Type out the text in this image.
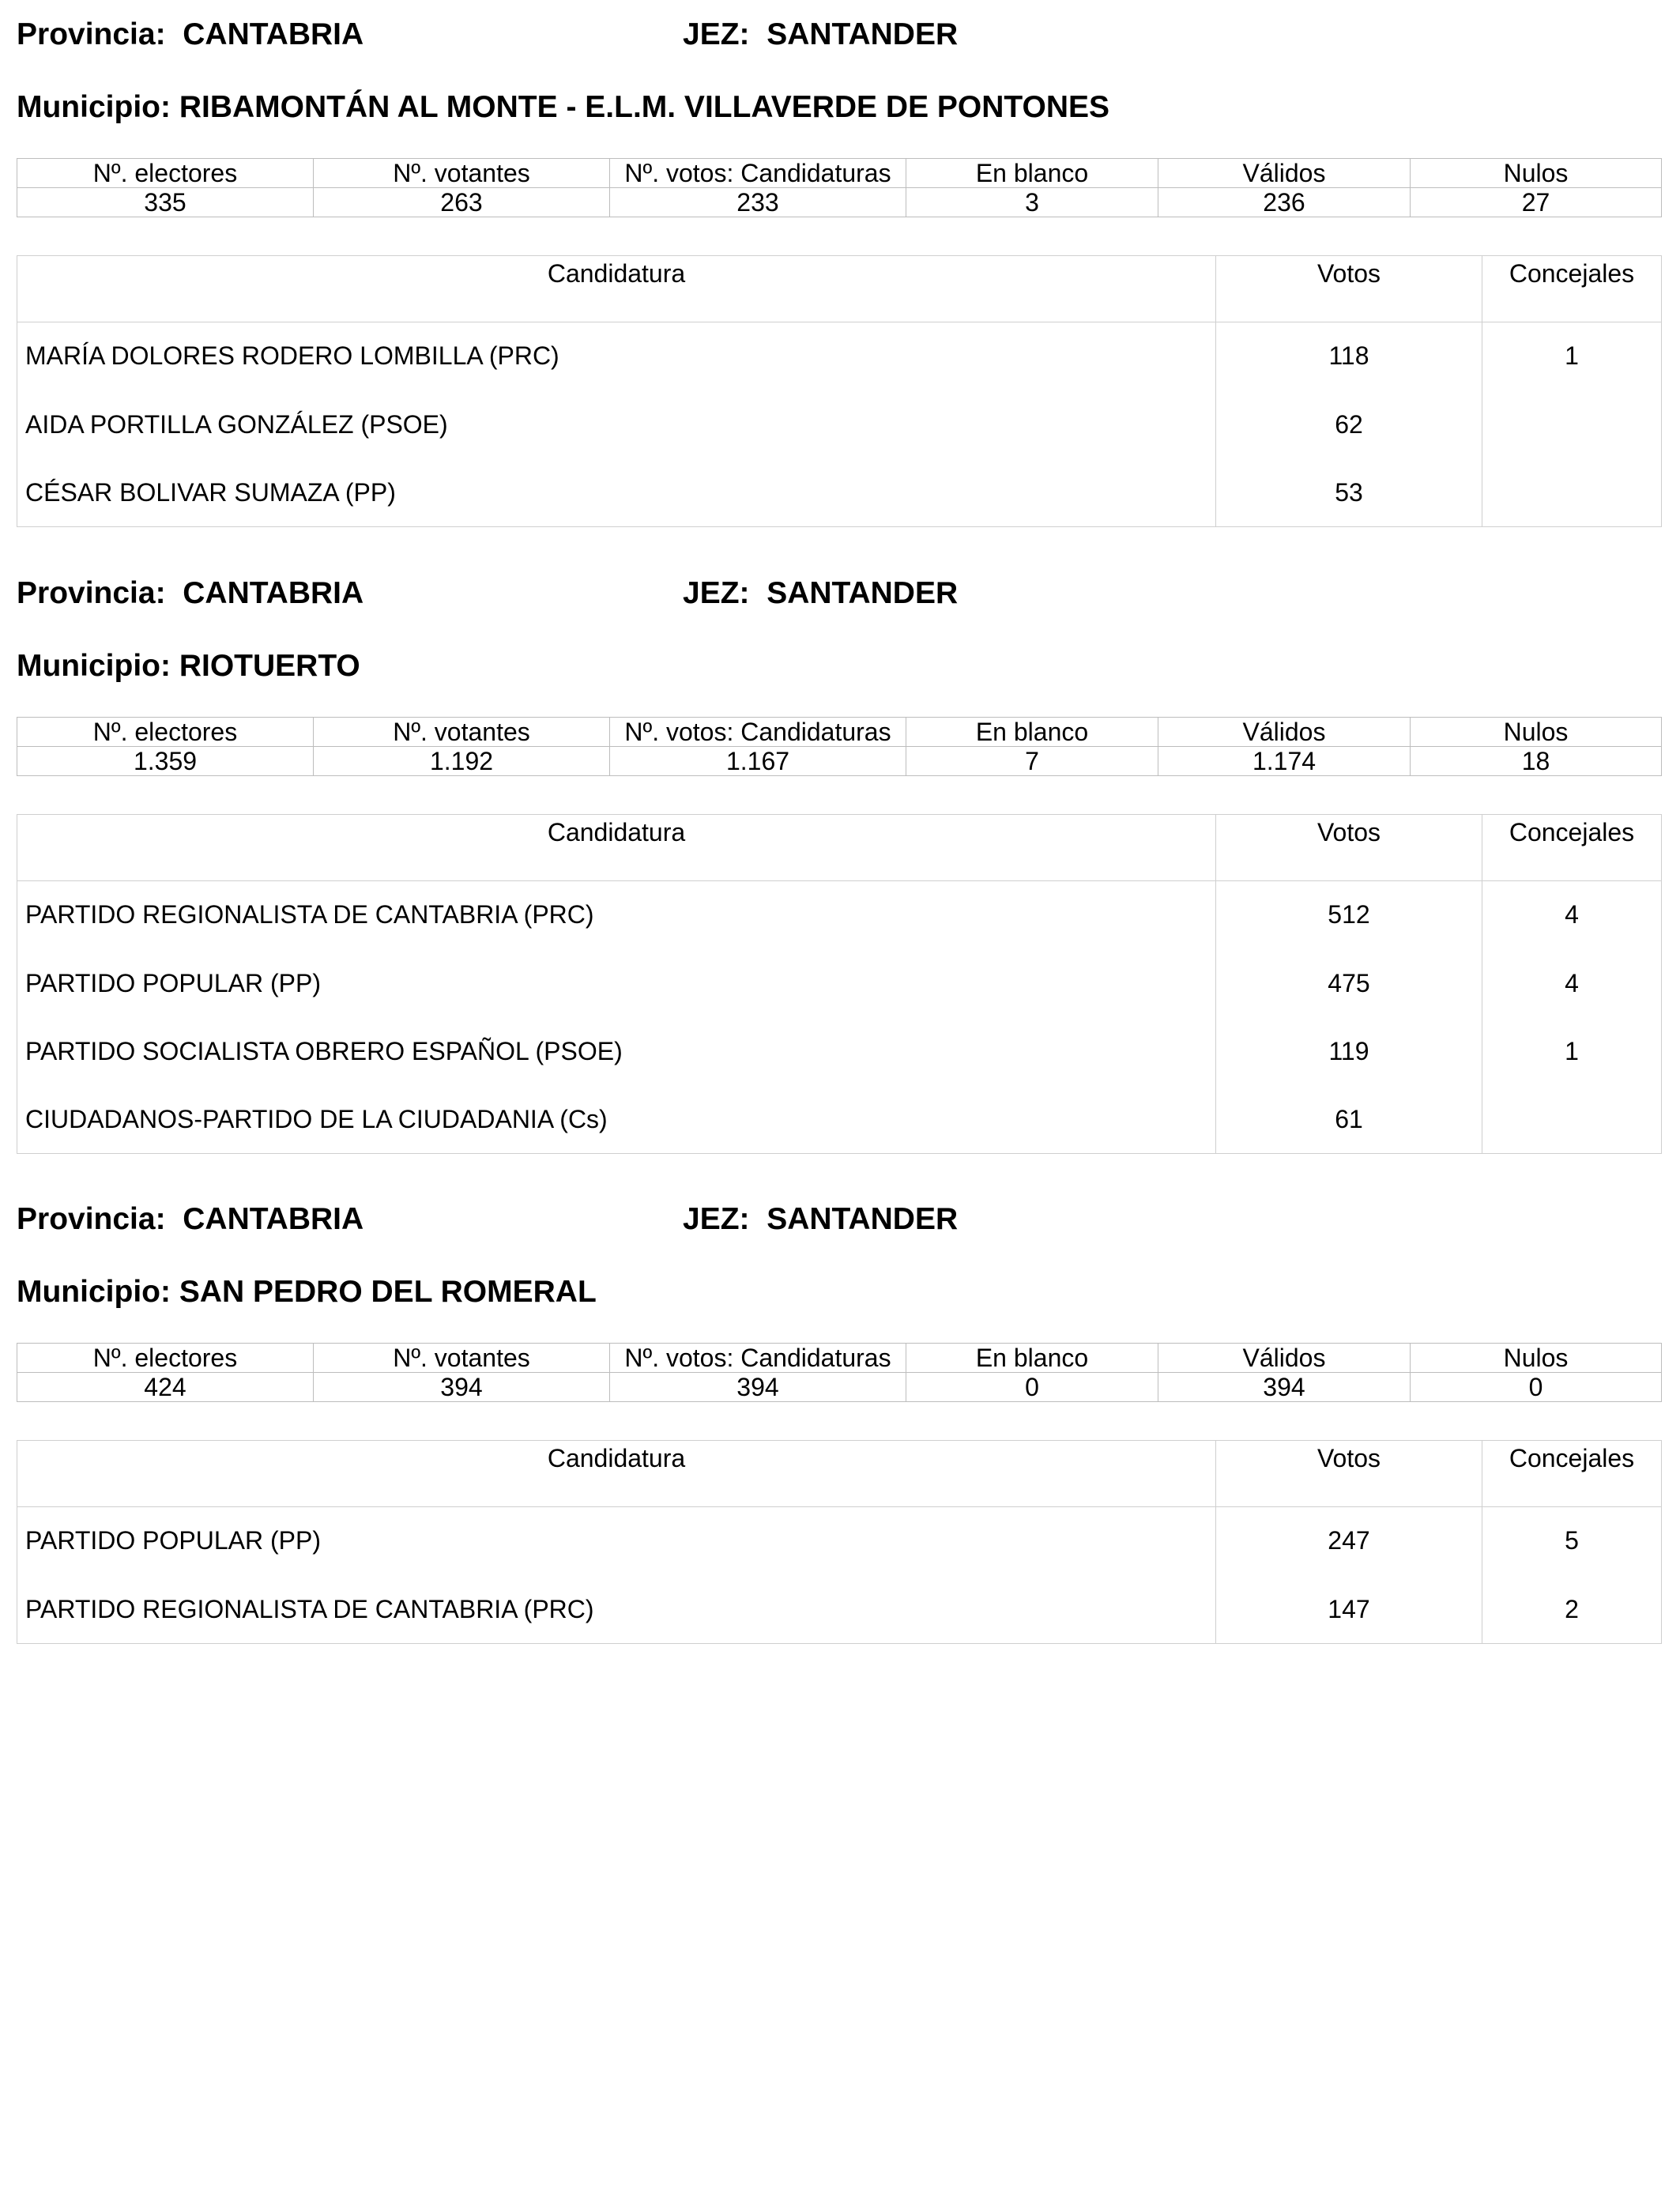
Provincia: CANTABRIA	JEZ: SANTANDER
Municipio: RIBAMONTÁN AL MONTE - E.L.M. VILLAVERDE DE PONTONES
Nº. electores	Nº. votantes	Nº. votos: Candidaturas	En blanco	Válidos	Nulos
335	263	233	3	236	27
Candidatura	Votos	Concejales
MARÍA DOLORES RODERO LOMBILLA (PRC)	118	1
AIDA PORTILLA GONZÁLEZ (PSOE)	62	
CÉSAR BOLIVAR SUMAZA (PP)	53	
Provincia: CANTABRIA	JEZ: SANTANDER
Municipio: RIOTUERTO
Nº. electores	Nº. votantes	Nº. votos: Candidaturas	En blanco	Válidos	Nulos
1.359	1.192	1.167	7	1.174	18
Candidatura	Votos	Concejales
PARTIDO REGIONALISTA DE CANTABRIA (PRC)	512	4
PARTIDO POPULAR (PP)	475	4
PARTIDO SOCIALISTA OBRERO ESPAÑOL (PSOE)	119	1
CIUDADANOS-PARTIDO DE LA CIUDADANIA (Cs)	61	
Provincia: CANTABRIA	JEZ: SANTANDER
Municipio: SAN PEDRO DEL ROMERAL
Nº. electores	Nº. votantes	Nº. votos: Candidaturas	En blanco	Válidos	Nulos
424	394	394	0	394	0
Candidatura	Votos	Concejales
PARTIDO POPULAR (PP)	247	5
PARTIDO REGIONALISTA DE CANTABRIA (PRC)	147	2
